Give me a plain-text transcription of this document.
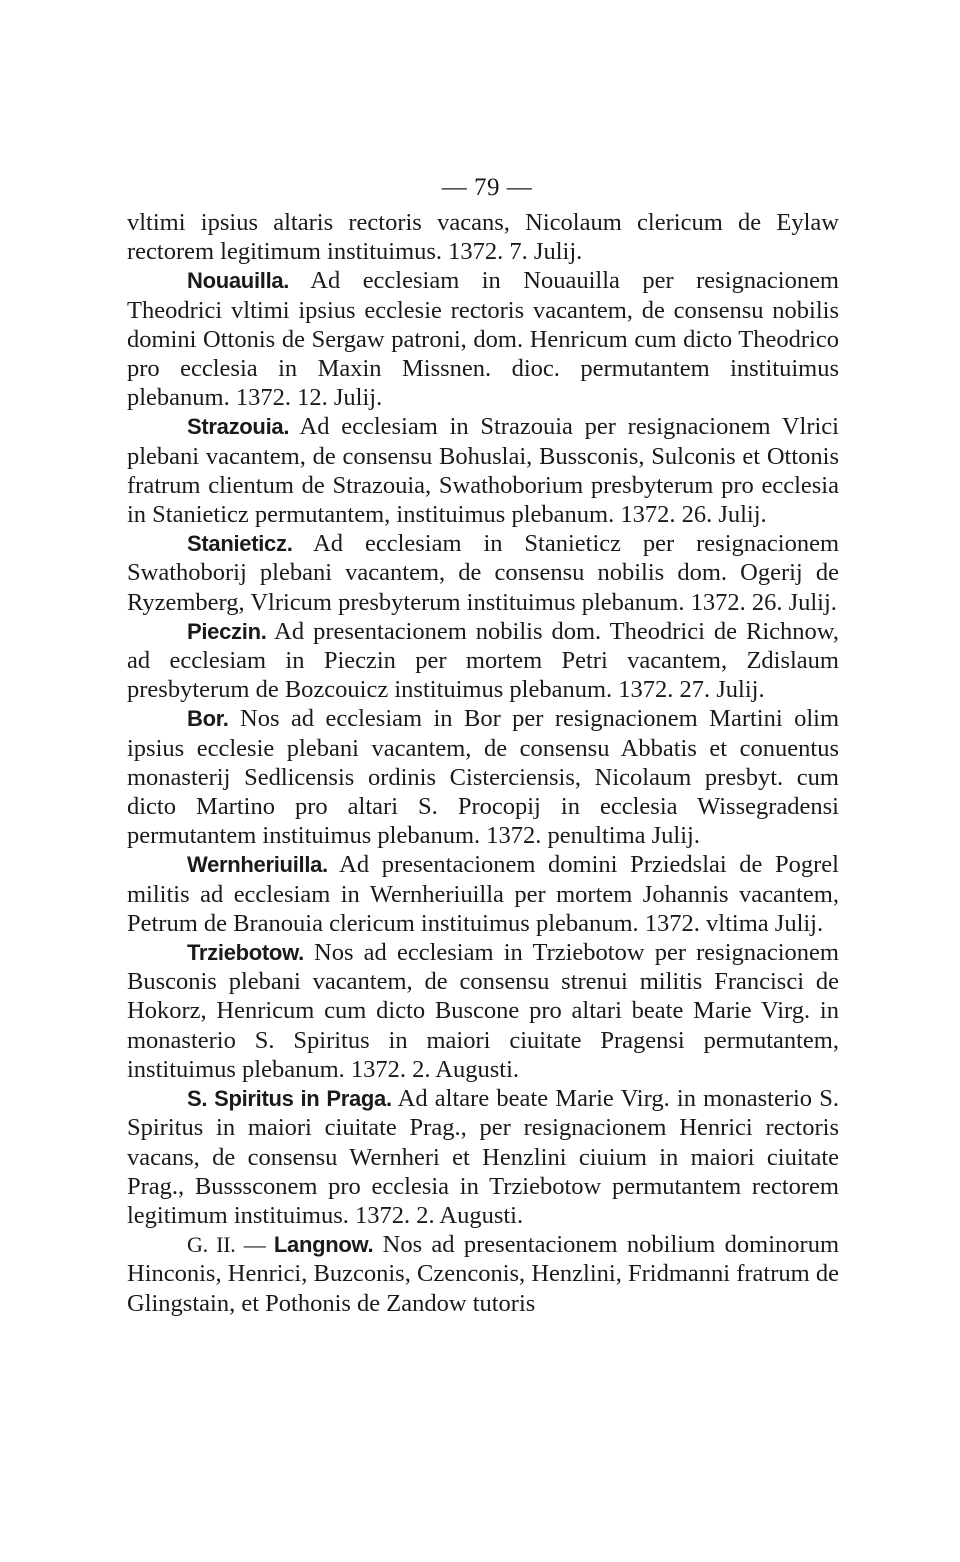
— 79 —

vltimi ipsius altaris rectoris vacans, Nicolaum clericum de Eylaw rectorem legitimum instituimus. 1372. 7. Julij.

Nouauilla. Ad ecclesiam in Nouauilla per resignacionem Theodrici vltimi ipsius ecclesie rectoris vacantem, de consensu nobilis domini Ottonis de Sergaw patroni, dom. Henricum cum dicto Theodrico pro ecclesia in Maxin Missnen. dioc. permutantem instituimus plebanum. 1372. 12. Julij.

Strazouia. Ad ecclesiam in Strazouia per resignacionem Vlrici plebani vacantem, de consensu Bohuslai, Bussconis, Sulconis et Ottonis fratrum clientum de Strazouia, Swathoborium presbyterum pro ecclesia in Stanieticz permutantem, instituimus plebanum. 1372. 26. Julij.

Stanieticz. Ad ecclesiam in Stanieticz per resignacionem Swathoborij plebani vacantem, de consensu nobilis dom. Ogerij de Ryzemberg, Vlricum presbyterum instituimus plebanum. 1372. 26. Julij.

Pieczin. Ad presentacionem nobilis dom. Theodrici de Richnow, ad ecclesiam in Pieczin per mortem Petri vacantem, Zdislaum presbyterum de Bozcouicz instituimus plebanum. 1372. 27. Julij.

Bor. Nos ad ecclesiam in Bor per resignacionem Martini olim ipsius ecclesie plebani vacantem, de consensu Abbatis et conuentus monasterij Sedlicensis ordinis Cisterciensis, Nicolaum presbyt. cum dicto Martino pro altari S. Procopij in ecclesia Wissegradensi permutantem instituimus plebanum. 1372. penultima Julij.

Wernheriuilla. Ad presentacionem domini Prziedslai de Pogrel militis ad ecclesiam in Wernheriuilla per mortem Johannis vacantem, Petrum de Branouia clericum instituimus plebanum. 1372. vltima Julij.

Trziebotow. Nos ad ecclesiam in Trziebotow per resignacionem Busconis plebani vacantem, de consensu strenui militis Francisci de Hokorz, Henricum cum dicto Buscone pro altari beate Marie Virg. in monasterio S. Spiritus in maiori ciuitate Pragensi permutantem, instituimus plebanum. 1372. 2. Augusti.

S. Spiritus in Praga. Ad altare beate Marie Virg. in monasterio S. Spiritus in maiori ciuitate Prag., per resignacionem Henrici rectoris vacans, de consensu Wernheri et Henzlini ciuium in maiori ciuitate Prag., Busssconem pro ecclesia in Trziebotow permutantem rectorem legitimum instituimus. 1372. 2. Augusti.

G. II. — Langnow. Nos ad presentacionem nobilium dominorum Hinconis, Henrici, Buzconis, Czenconis, Henzlini, Fridmanni fratrum de Glingstain, et Pothonis de Zandow tutoris
